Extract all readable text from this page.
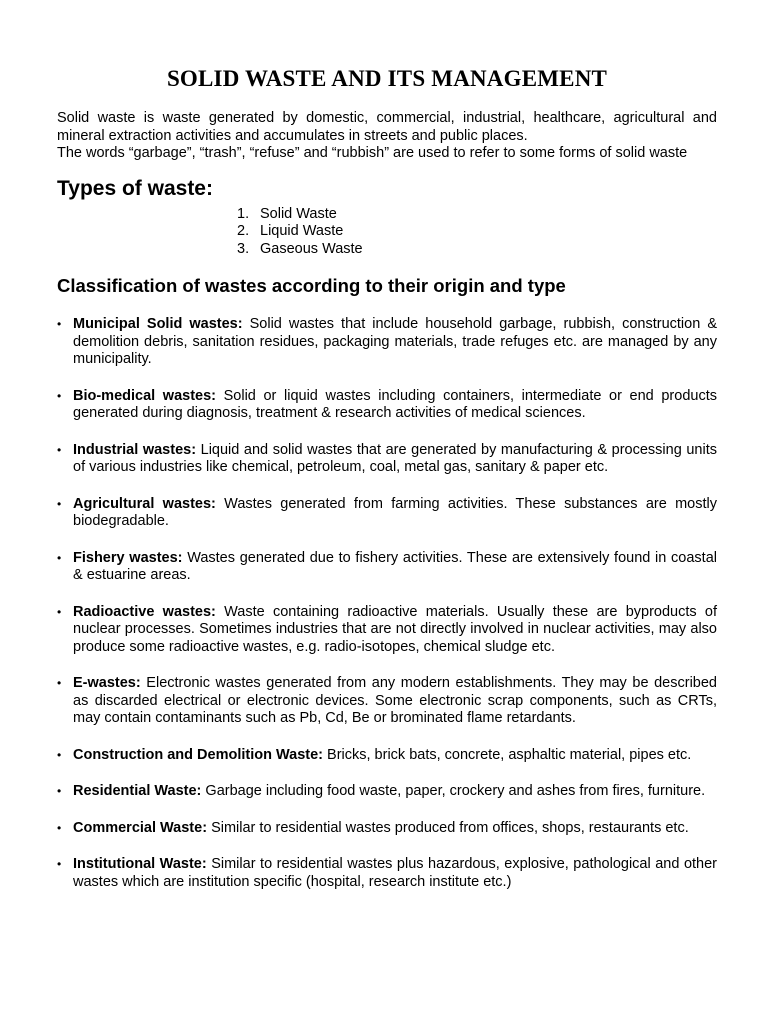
SOLID WASTE AND ITS MANAGEMENT

Solid waste is waste generated by domestic, commercial, industrial, healthcare, agricultural and mineral extraction activities and accumulates in streets and public places.

The words “garbage”, “trash”, “refuse” and “rubbish” are used to refer to some forms of solid waste

Types of waste:
1. Solid Waste
2. Liquid Waste
3. Gaseous Waste
Classification of wastes according to their origin and type
• Municipal Solid wastes: Solid wastes that include household garbage, rubbish, construction & demolition debris, sanitation residues, packaging materials, trade refuges etc. are managed by any municipality.
• Bio-medical wastes: Solid or liquid wastes including containers, intermediate or end products generated during diagnosis, treatment & research activities of medical sciences.
• Industrial wastes: Liquid and solid wastes that are generated by manufacturing & processing units of various industries like chemical, petroleum, coal, metal gas, sanitary & paper etc.
• Agricultural wastes: Wastes generated from farming activities. These substances are mostly biodegradable.
• Fishery wastes: Wastes generated due to fishery activities. These are extensively found in coastal & estuarine areas.
• Radioactive wastes: Waste containing radioactive materials. Usually these are byproducts of nuclear processes. Sometimes industries that are not directly involved in nuclear activities, may also produce some radioactive wastes, e.g. radio-isotopes, chemical sludge etc.
• E-wastes: Electronic wastes generated from any modern establishments. They may be described as discarded electrical or electronic devices. Some electronic scrap components, such as CRTs, may contain contaminants such as Pb, Cd, Be or brominated flame retardants.
• Construction and Demolition Waste: Bricks, brick bats, concrete, asphaltic material, pipes etc.
• Residential Waste: Garbage including food waste, paper, crockery and ashes from fires, furniture.
• Commercial Waste: Similar to residential wastes produced from offices, shops, restaurants etc.
• Institutional Waste: Similar to residential wastes plus hazardous, explosive, pathological and other wastes which are institution specific (hospital, research institute etc.)
